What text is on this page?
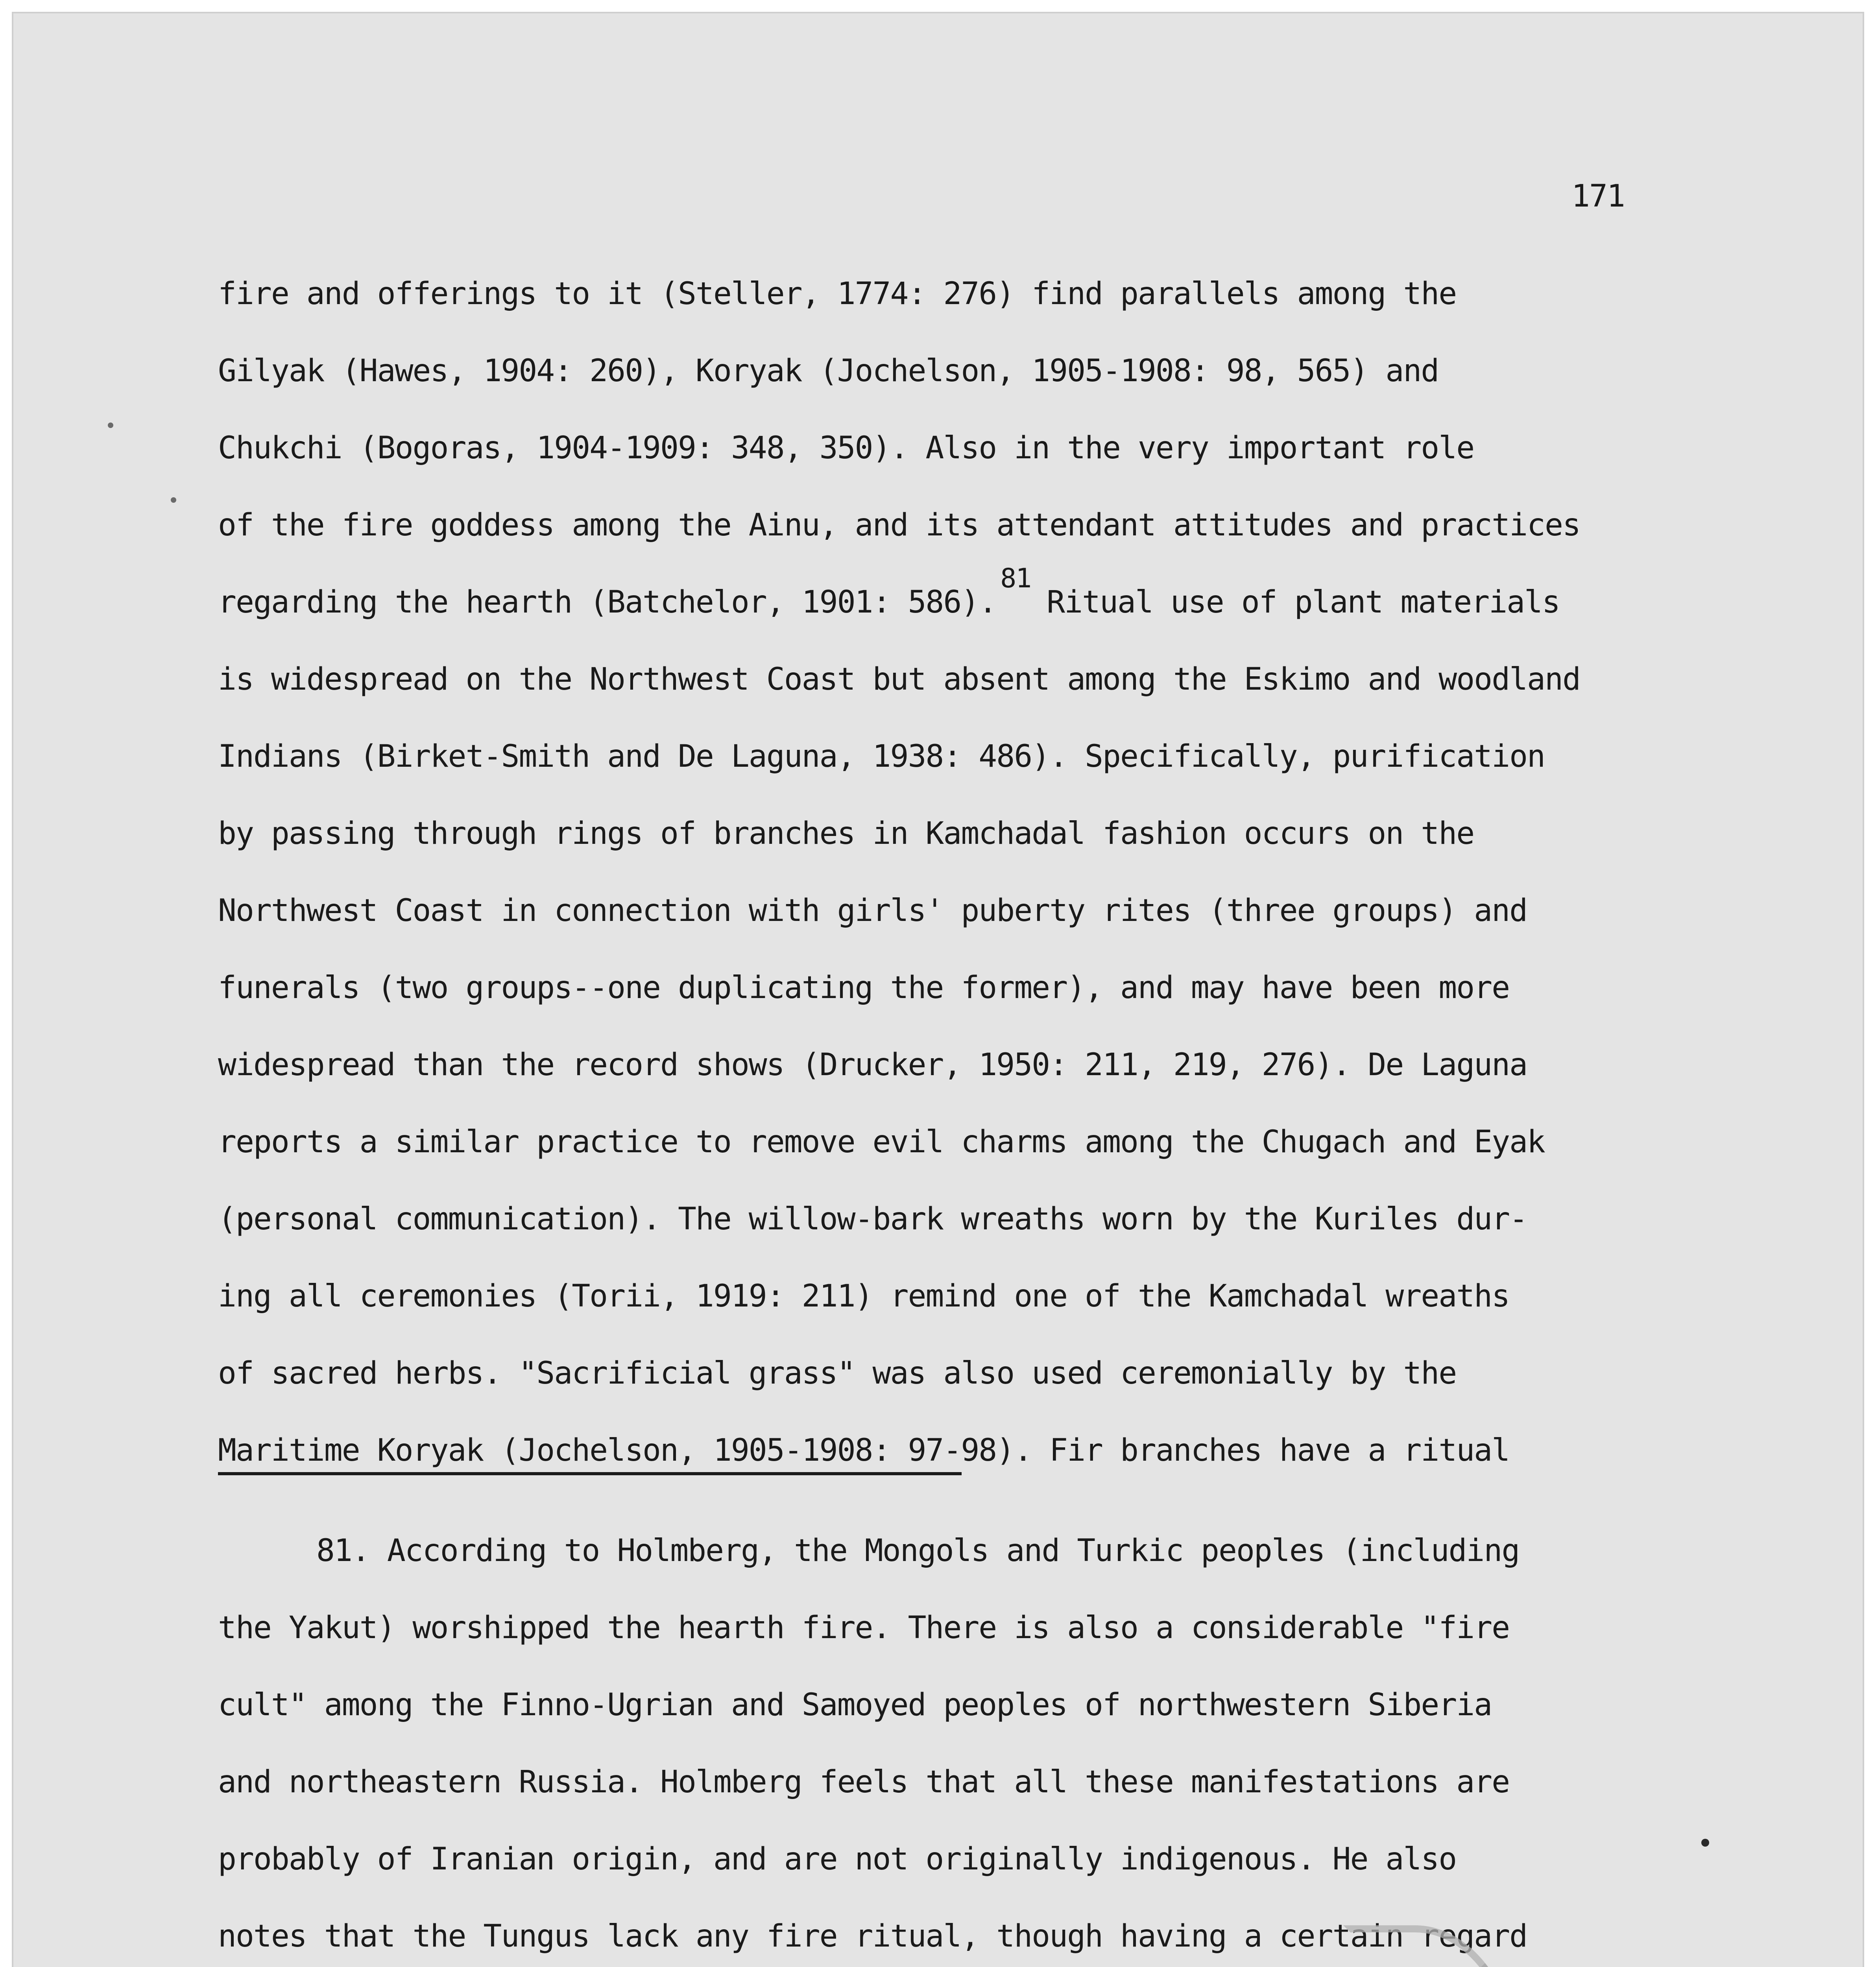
171

fire and offerings to it (Steller, 1774: 276) find parallels among the
Gilyak (Hawes, 1904: 260), Koryak (Jochelson, 1905-1908: 98, 565) and
Chukchi (Bogoras, 1904-1909: 348, 350). Also in the very important role
of the fire goddess among the Ainu, and its attendant attitudes and practices
regarding the hearth (Batchelor, 1901: 586).81Ritual use of plant materials
is widespread on the Northwest Coast but absent among the Eskimo and woodland
Indians (Birket-Smith and De Laguna, 1938: 486). Specifically, purification
by passing through rings of branches in Kamchadal fashion occurs on the
Northwest Coast in connection with girls' puberty rites (three groups) and
funerals (two groups--one duplicating the former), and may have been more
widespread than the record shows (Drucker, 1950: 211, 219, 276). De Laguna
reports a similar practice to remove evil charms among the Chugach and Eyak
(personal communication). The willow-bark wreaths worn by the Kuriles dur-
ing all ceremonies (Torii, 1919: 211) remind one of the Kamchadal wreaths
of sacred herbs. "Sacrificial grass" was also used ceremonially by the
Maritime Koryak (Jochelson, 1905-1908: 97-98). Fir branches have a ritual
81. According to Holmberg, the Mongols and Turkic peoples (including
the Yakut) worshipped the hearth fire. There is also a considerable "fire
cult" among the Finno-Ugrian and Samoyed peoples of northwestern Siberia
and northeastern Russia. Holmberg feels that all these manifestations are
probably of Iranian origin, and are not originally indigenous. He also
notes that the Tungus lack any fire ritual, though having a certain regard
